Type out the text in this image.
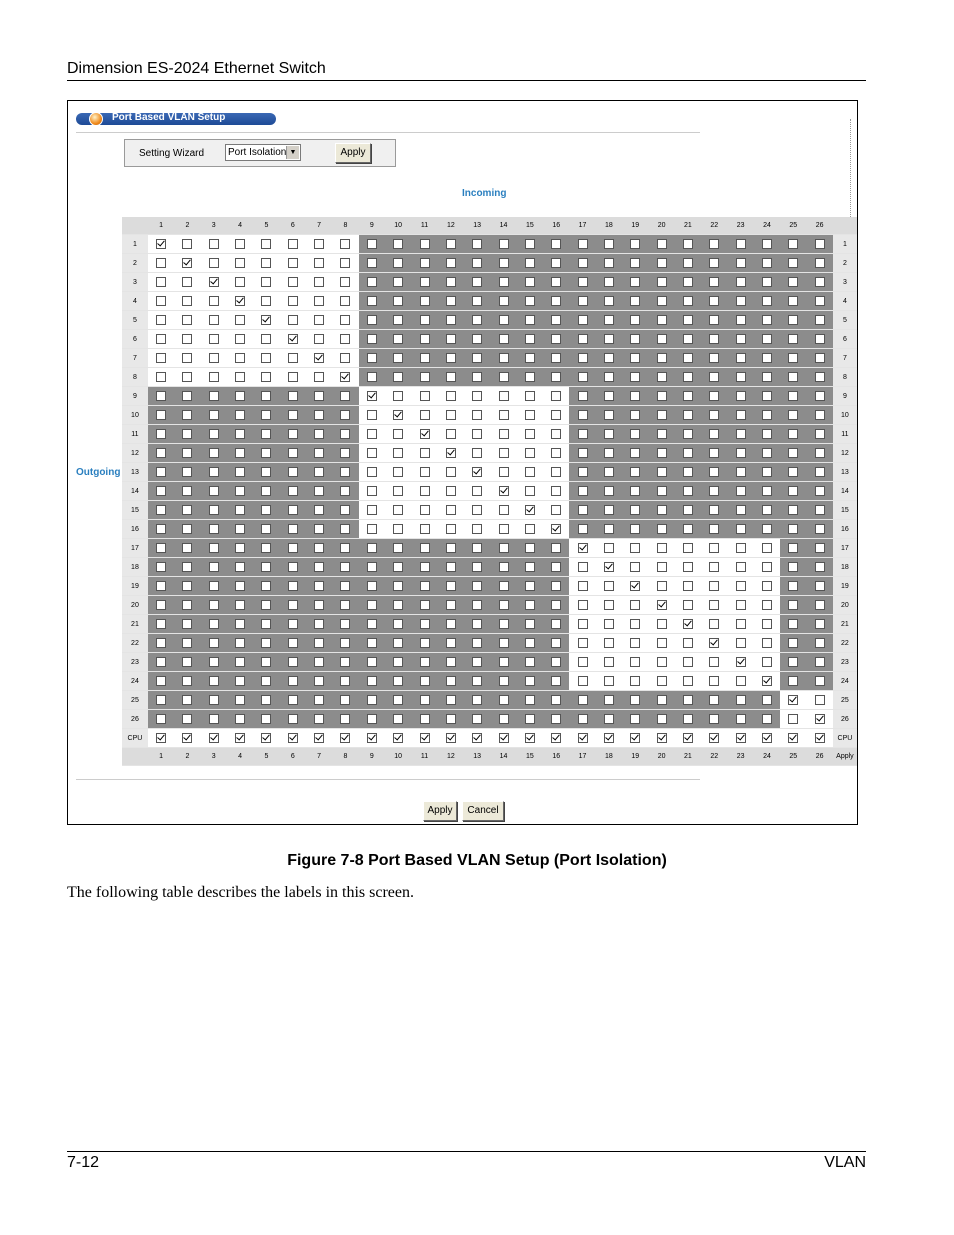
Dimension ES-2024 Ethernet Switch
Port Based VLAN Setup
Setting Wizard	Port Isolation ▼	Apply
Incoming
Outgoing
	1	2	3	4	5	6	7	8	9	10	11	12	13	14	15	16	17	18	19	20	21	22	23	24	25	26	
1																											1
2																											2
3																											3
4																											4
5																											5
6																											6
7																											7
8																											8
9																											9
10																											10
11																											11
12																											12
13																											13
14																											14
15																											15
16																											16
17																											17
18																											18
19																											19
20																											20
21																											21
22																											22
23																											23
24																											24
25																											25
26																											26
CPU																											CPU
	1	2	3	4	5	6	7	8	9	10	11	12	13	14	15	16	17	18	19	20	21	22	23	24	25	26	Apply
Apply	Cancel
Figure 7-8 Port Based VLAN Setup (Port Isolation)
The following table describes the labels in this screen.
7-12	VLAN
